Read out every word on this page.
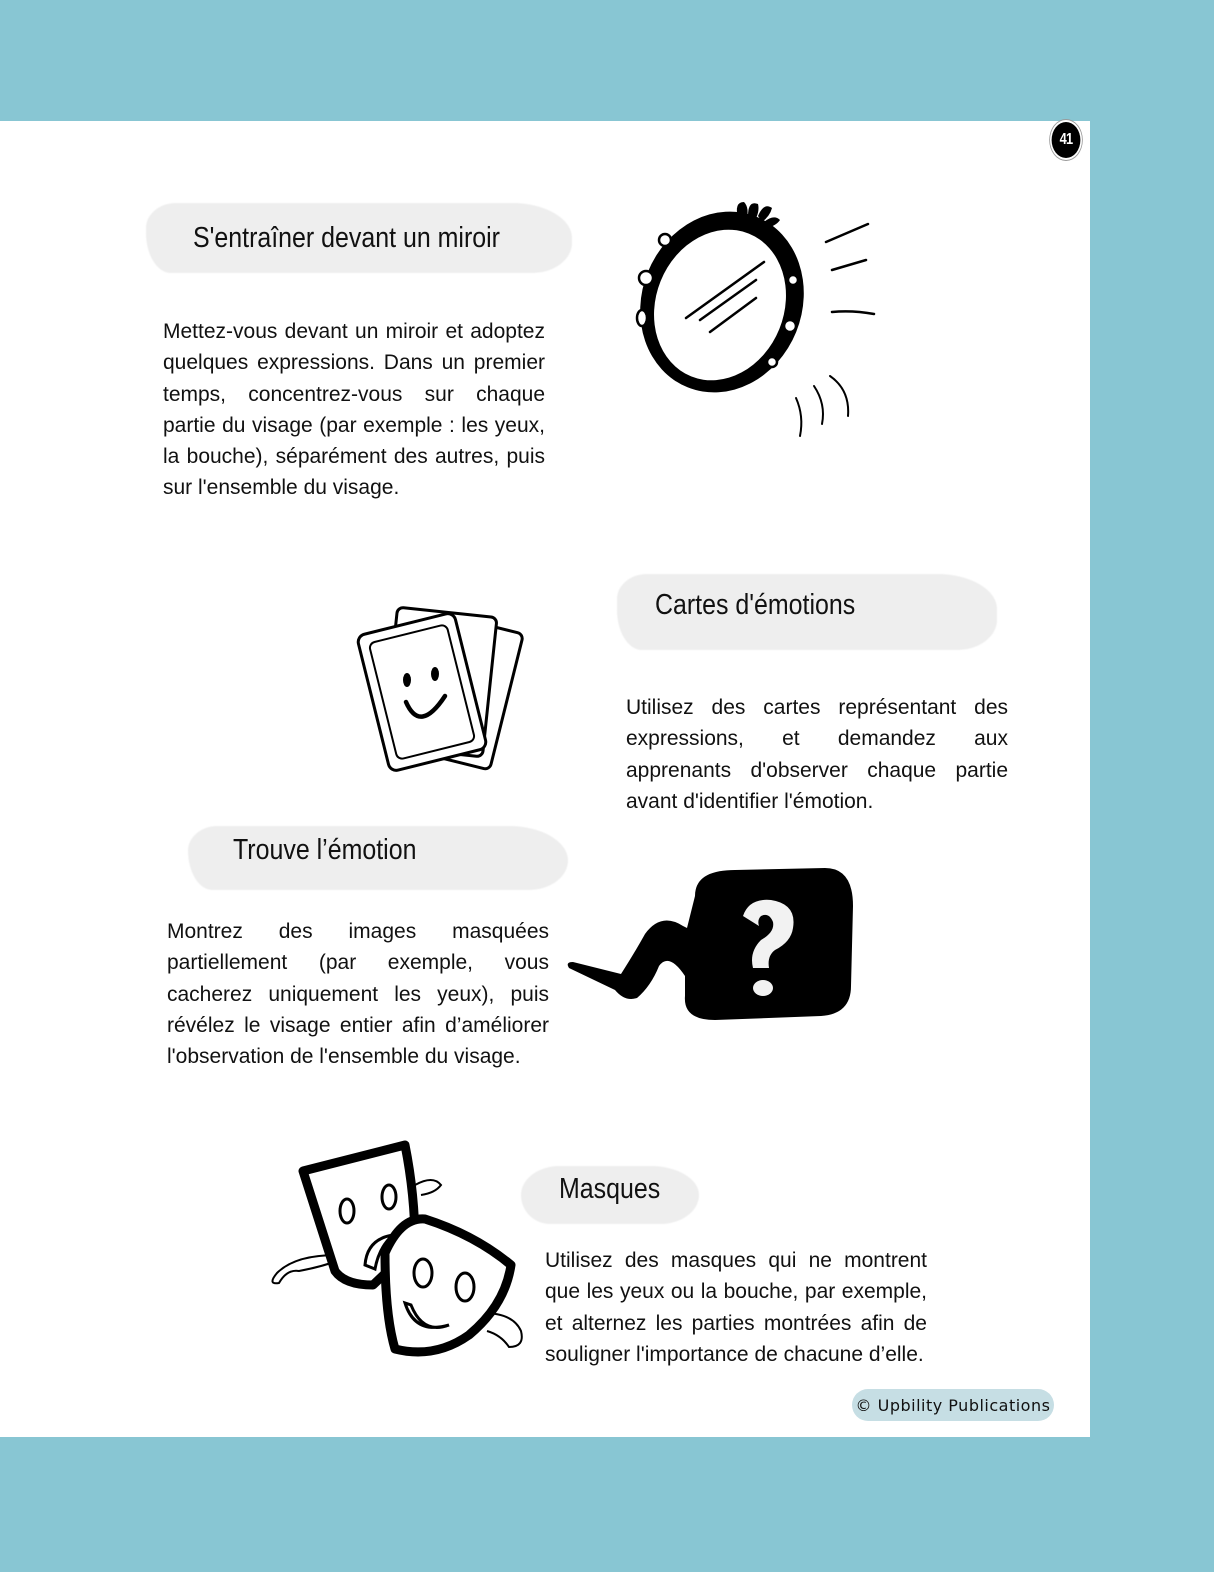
41
S'entraîner devant un miroir
Mettez-vous devant un miroir et adoptez quelques expressions. Dans un premier temps, concentrez-vous sur chaque partie du visage (par exemple : les yeux, la bouche), séparément des autres, puis sur l'ensemble du visage.
Cartes d'émotions
Utilisez des cartes représentant des expressions, et demandez aux apprenants d'observer chaque partie avant d'identifier l'émotion.
Trouve l’émotion
Montrez des images masquées partiellement (par exemple, vous cacherez uniquement les yeux), puis révélez le visage entier afin d’améliorer l'observation de l'ensemble du visage.
Masques
Utilisez des masques qui ne montrent que les yeux ou la bouche, par exemple, et alternez les parties montrées afin de souligner l'importance de chacune d’elle.
© Upbility Publications
